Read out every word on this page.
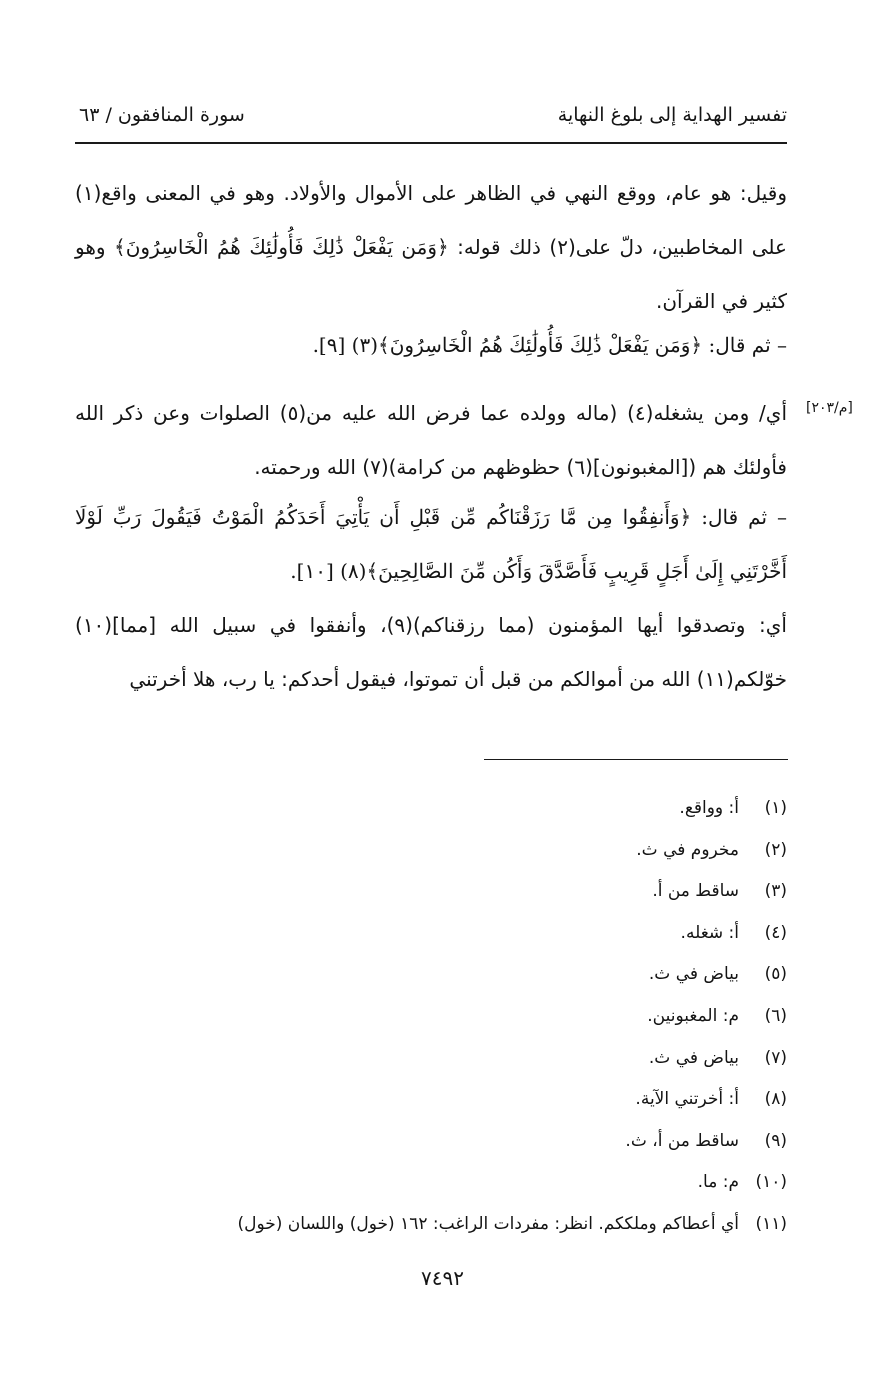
تفسير الهداية إلى بلوغ النهاية
سورة المنافقون / ٦٣
[م/٢٠٣]
وقيل: هو عام، ووقع النهي في الظاهر على الأموال والأولاد. وهو في المعنى واقع(١) على المخاطبين، دلّ على(٢) ذلك قوله: ﴿وَمَن يَفْعَلْ ذَٰلِكَ فَأُولَٰئِكَ هُمُ الْخَاسِرُونَ﴾ وهو كثير في القرآن.
– ثم قال: ﴿وَمَن يَفْعَلْ ذَٰلِكَ فَأُولَٰئِكَ هُمُ الْخَاسِرُونَ﴾(٣) [٩].
أي/ ومن يشغله(٤) (ماله وولده عما فرض الله عليه من(٥) الصلوات وعن ذكر الله فأولئك هم ([المغبونون](٦) حظوظهم من كرامة)(٧) الله ورحمته.
– ثم قال: ﴿وَأَنفِقُوا مِن مَّا رَزَقْنَاكُم مِّن قَبْلِ أَن يَأْتِيَ أَحَدَكُمُ الْمَوْتُ فَيَقُولَ رَبِّ لَوْلَا أَخَّرْتَنِي إِلَىٰ أَجَلٍ قَرِيبٍ فَأَصَّدَّقَ وَأَكُن مِّنَ الصَّالِحِينَ﴾(٨) [١٠].
أي: وتصدقوا أيها المؤمنون (مما رزقناكم)(٩)، وأنفقوا في سبيل الله [مما](١٠) خوّلكم(١١) الله من أموالكم من قبل أن تموتوا، فيقول أحدكم: يا رب، هلا أخرتني
(١)أ: وواقع.
(٢)مخروم في ث.
(٣)ساقط من أ.
(٤)أ: شغله.
(٥)بياض في ث.
(٦)م: المغبونين.
(٧)بياض في ث.
(٨)أ: أخرتني الآية.
(٩)ساقط من أ، ث.
(١٠)م: ما.
(١١)أي أعطاكم وملككم. انظر: مفردات الراغب: ١٦٢ (خول) واللسان (خول)
٧٤٩٢
